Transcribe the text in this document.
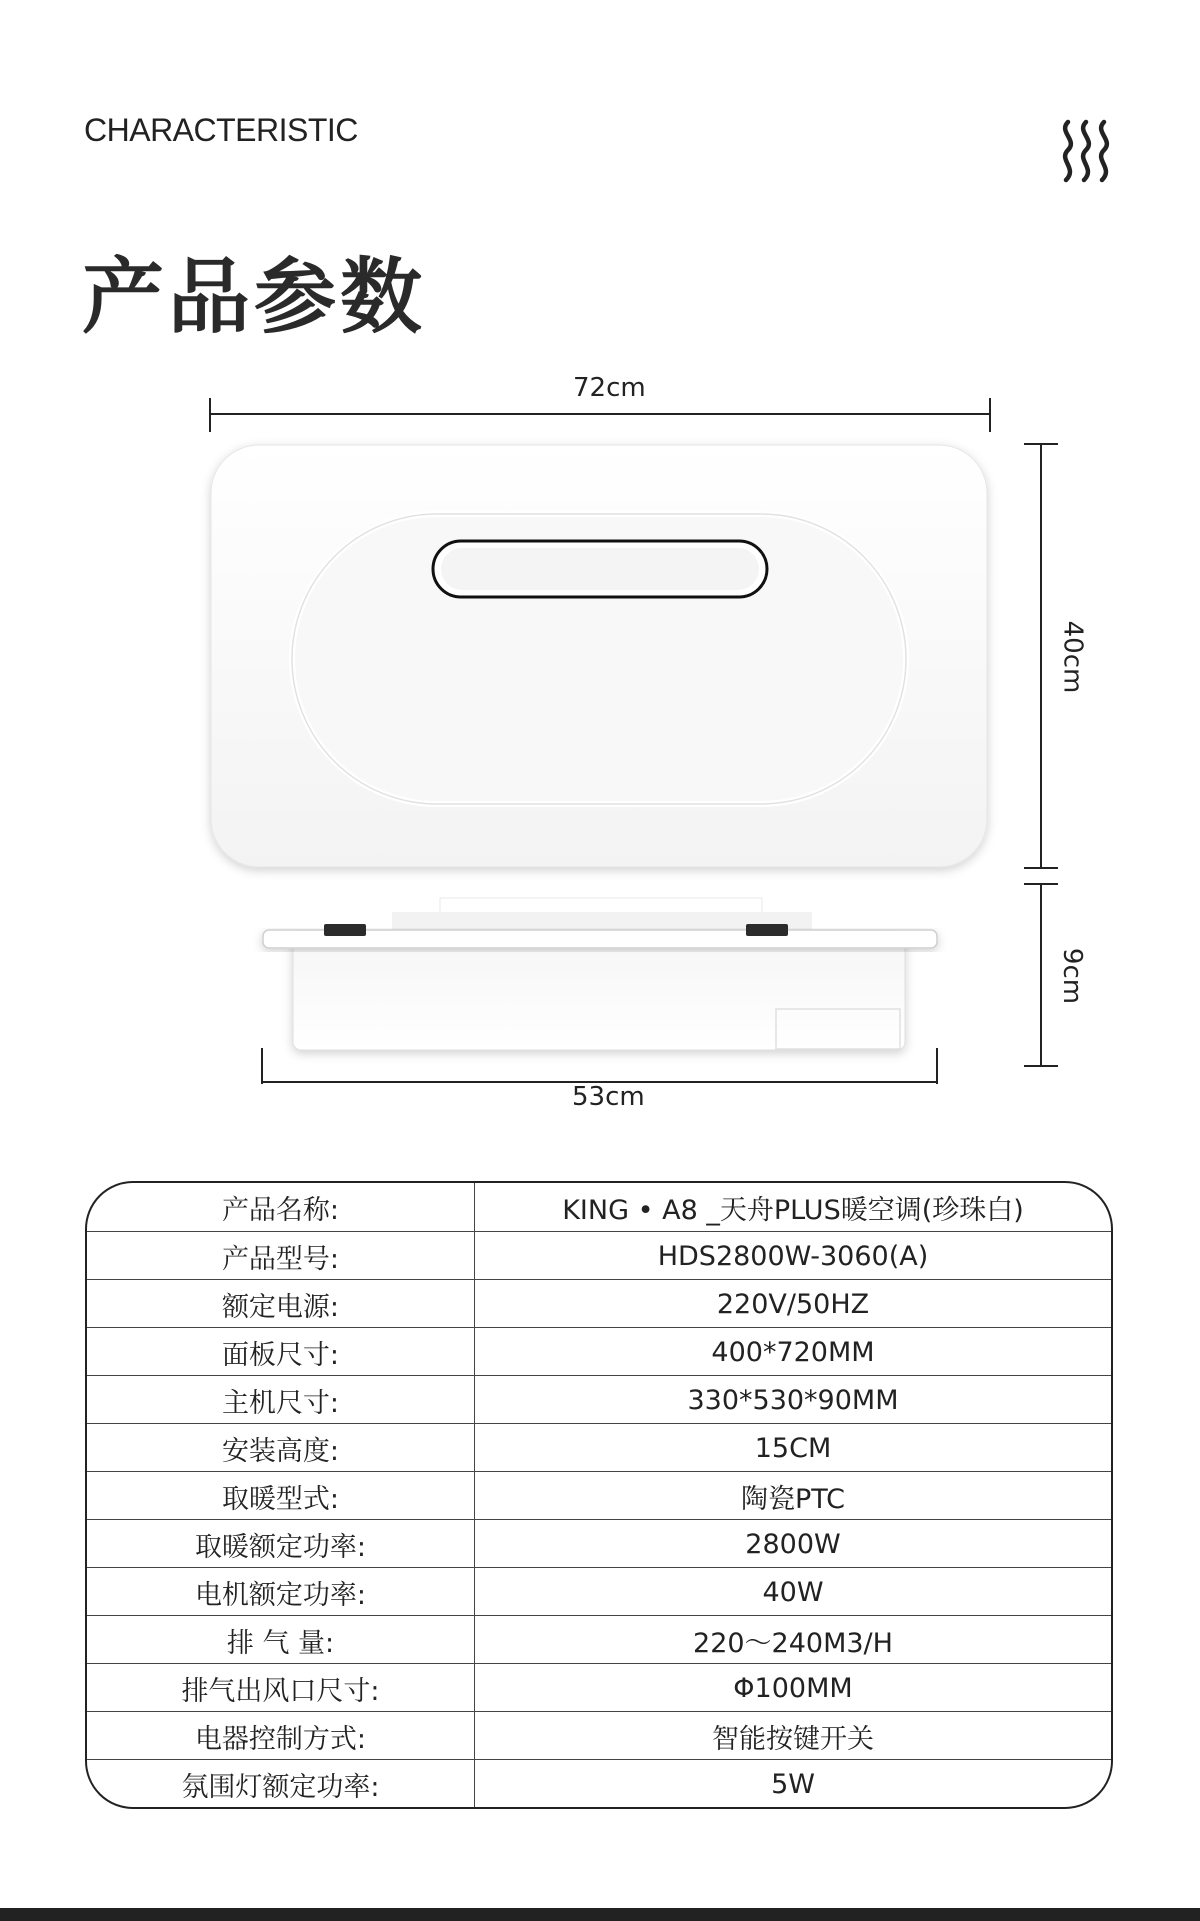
CHARACTERISTIC
产品参数
72cm
40cm
9cm
53cm
产品名称:	KING • A8 _天舟PLUS暖空调(珍珠白)
产品型号:	HDS2800W-3060(A)
额定电源:	220V/50HZ
面板尺寸:	400*720MM
主机尺寸:	330*530*90MM
安装高度:	15CM
取暖型式:	陶瓷PTC
取暖额定功率:	2800W
电机额定功率:	40W
排 气 量:	220～240M3/H
排气出风口尺寸:	Φ100MM
电器控制方式:	智能按键开关
氛围灯额定功率:	5W
